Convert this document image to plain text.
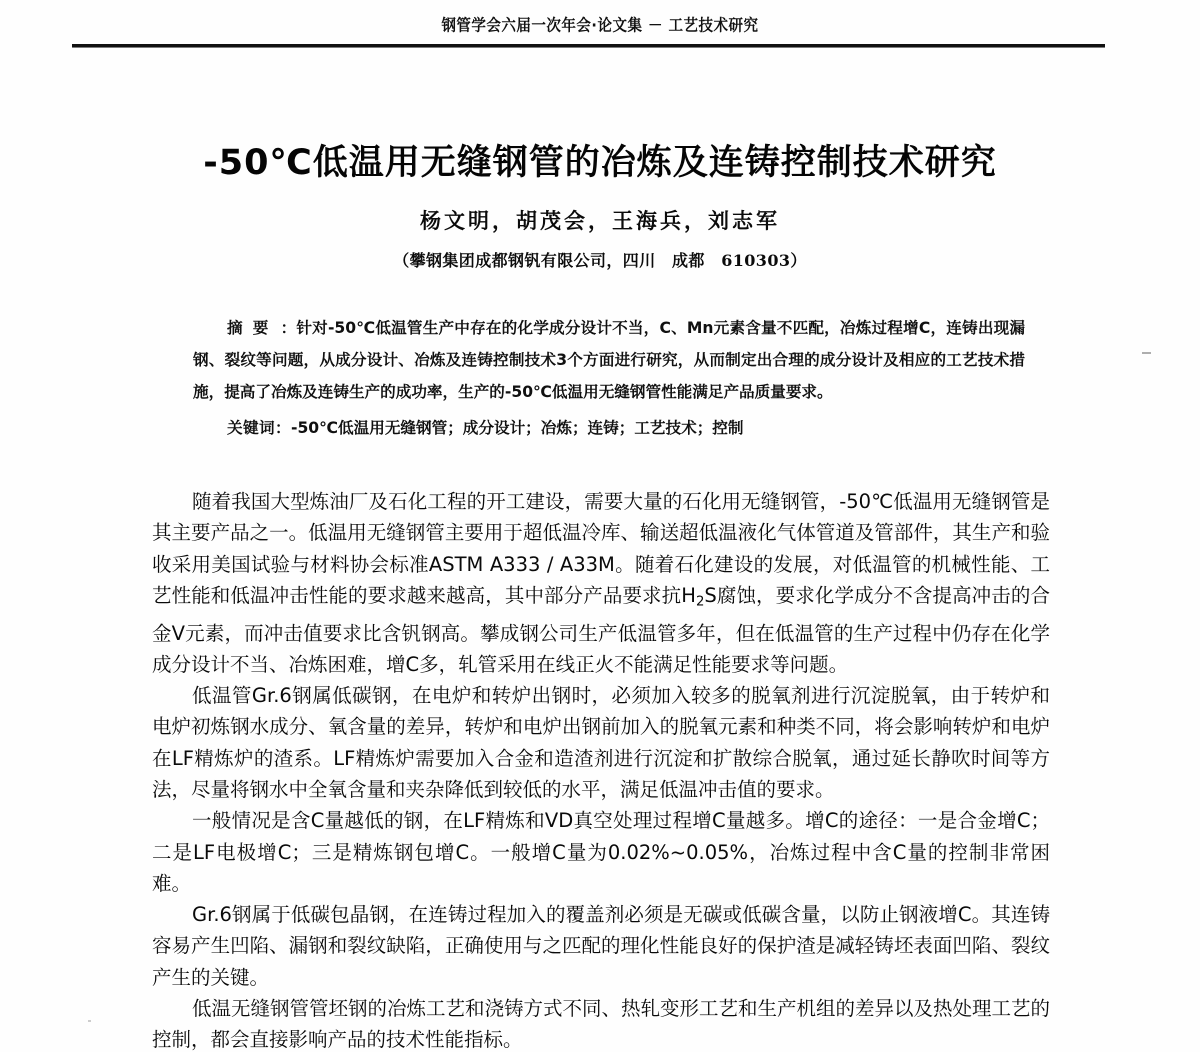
钢管学会六届一次年会·论文集 － 工艺技术研究
-50℃低温用无缝钢管的冶炼及连铸控制技术研究
杨文明，胡茂会，王海兵，刘志军
（攀钢集团成都钢钒有限公司，四川　成都　610303）

摘要 ：针对-50℃低温管生产中存在的化学成分设计不当，C、Mn元素含量不匹配，冶炼过程增C，连铸出现漏钢、裂纹等问题，从成分设计、冶炼及连铸控制技术3个方面进行研究，从而制定出合理的成分设计及相应的工艺技术措施，提高了冶炼及连铸生产的成功率，生产的-50℃低温用无缝钢管性能满足产品质量要求。

关键词：-50℃低温用无缝钢管；成分设计；冶炼；连铸；工艺技术；控制

随着我国大型炼油厂及石化工程的开工建设，需要大量的石化用无缝钢管，-50℃低温用无缝钢管是其主要产品之一。低温用无缝钢管主要用于超低温冷库、输送超低温液化气体管道及管部件，其生产和验收采用美国试验与材料协会标准ASTM A333 / A33M。随着石化建设的发展，对低温管的机械性能、工艺性能和低温冲击性能的要求越来越高，其中部分产品要求抗$H_2S$腐蚀，要求化学成分不含提高冲击的合金V元素，而冲击值要求比含钒钢高。攀成钢公司生产低温管多年，但在低温管的生产过程中仍存在化学成分设计不当、冶炼困难，增C多，轧管采用在线正火不能满足性能要求等问题。

低温管Gr.6钢属低碳钢，在电炉和转炉出钢时，必须加入较多的脱氧剂进行沉淀脱氧，由于转炉和电炉初炼钢水成分、氧含量的差异，转炉和电炉出钢前加入的脱氧元素和种类不同，将会影响转炉和电炉在LF精炼炉的渣系。LF精炼炉需要加入合金和造渣剂进行沉淀和扩散综合脱氧，通过延长静吹时间等方法，尽量将钢水中全氧含量和夹杂降低到较低的水平，满足低温冲击值的要求。

一般情况是含C量越低的钢，在LF精炼和VD真空处理过程增C量越多。增C的途径：一是合金增C；二是LF电极增C；三是精炼钢包增C。一般增C量为0.02%~0.05%，冶炼过程中含C量的控制非常困难。

Gr.6钢属于低碳包晶钢，在连铸过程加入的覆盖剂必须是无碳或低碳含量，以防止钢液增C。其连铸容易产生凹陷、漏钢和裂纹缺陷，正确使用与之匹配的理化性能良好的保护渣是减轻铸坯表面凹陷、裂纹产生的关键。

低温无缝钢管管坯钢的冶炼工艺和浇铸方式不同、热轧变形工艺和生产机组的差异以及热处理工艺的控制，都会直接影响产品的技术性能指标。
